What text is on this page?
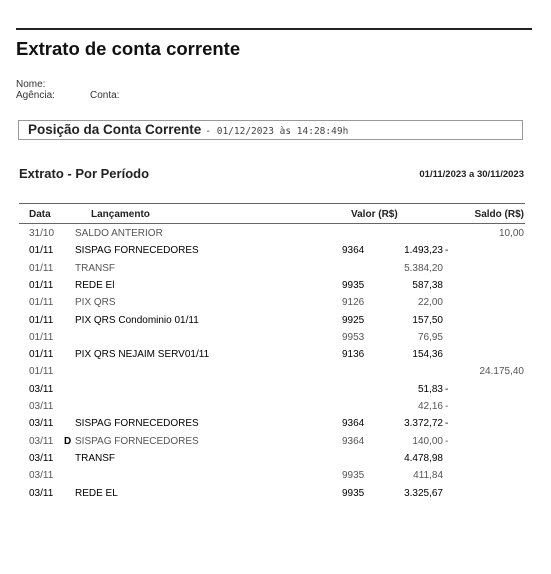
Extrato de conta corrente
Nome:
Agência:	Conta:
Posição da Conta Corrente - 01/12/2023 às 14:28:49h
Extrato - Por Período	01/11/2023 a 30/11/2023
Data	Lançamento	Valor (R$)	Saldo (R$)
31/10 SALDO ANTERIOR	10,00
01/11 SISPAG FORNECEDORES	9364	1.493,23 -
01/11 TRANSF	5.384,20
01/11 REDE El	9935	587,38
01/11 PIX QRS	9126	22,00
01/11 PIX QRS Condominio 01/11	9925	157,50
01/11	9953	76,95
01/11 PIX QRS NEJAIM SERV01/11	9136	154,36
01/11	24.175,40
03/11	51,83 -
03/11	42,16 -
03/11 SISPAG FORNECEDORES	9364	3.372,72 -
03/11 D SISPAG FORNECEDORES	9364	140,00 -
03/11 TRANSF	4.478,98
03/11	9935	411,84
03/11 REDE EL	9935	3.325,67
